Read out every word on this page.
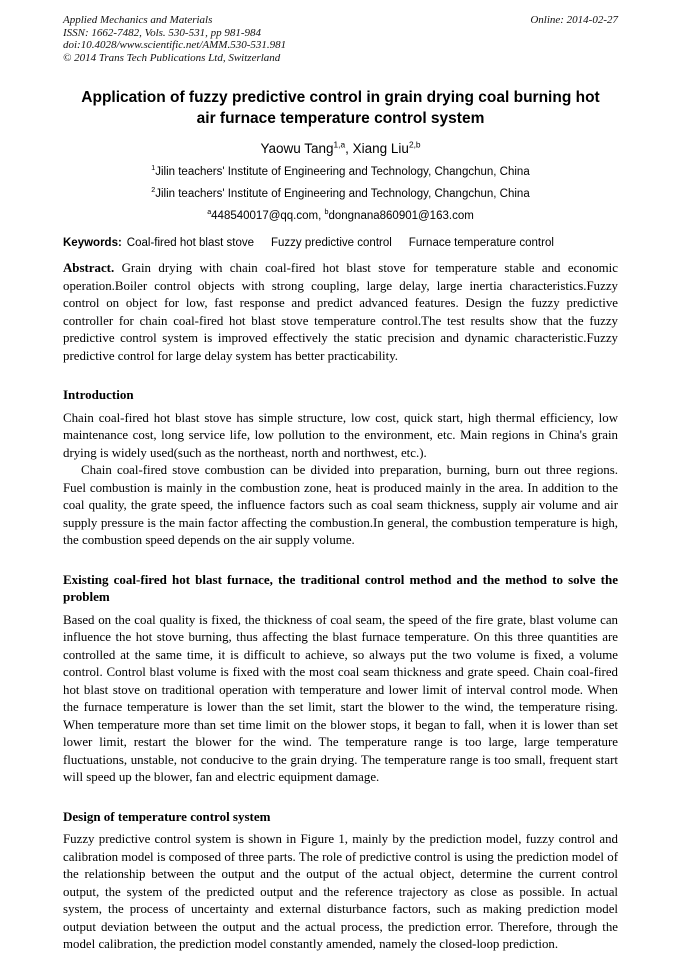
Applied Mechanics and Materials
ISSN: 1662-7482, Vols. 530-531, pp 981-984
doi:10.4028/www.scientific.net/AMM.530-531.981
© 2014 Trans Tech Publications Ltd, Switzerland
Online: 2014-02-27
Application of fuzzy predictive control in grain drying coal burning hot
air furnace temperature control system
Yaowu Tang$^{1,a}$, Xiang Liu$^{2,b}$
$^1$Jilin teachers' Institute of Engineering and Technology, Changchun, China
$^2$Jilin teachers' Institute of Engineering and Technology, Changchun, China
$^a$448540017@qq.com, $^b$dongnana860901@163.com
Keywords: Coal-fired hot blast stove Fuzzy predictive control Furnace temperature control

Abstract. Grain drying with chain coal-fired hot blast stove for temperature stable and economic operation.Boiler control objects with strong coupling, large delay, large inertia characteristics.Fuzzy control on object for low, fast response and predict advanced features. Design the fuzzy predictive controller for chain coal-fired hot blast stove temperature control.The test results show that the fuzzy predictive control system is improved effectively the static precision and dynamic characteristic.Fuzzy predictive control for large delay system has better practicability.

Introduction

Chain coal-fired hot blast stove has simple structure, low cost, quick start, high thermal efficiency, low maintenance cost, long service life, low pollution to the environment, etc. Main regions in China's grain drying is widely used(such as the northeast, north and northwest, etc.).

Chain coal-fired stove combustion can be divided into preparation, burning, burn out three regions. Fuel combustion is mainly in the combustion zone, heat is produced mainly in the area. In addition to the coal quality, the grate speed, the influence factors such as coal seam thickness, supply air volume and air supply pressure is the main factor affecting the combustion.In general, the combustion temperature is high, the combustion speed depends on the air supply volume.

Existing coal-fired hot blast furnace, the traditional control method and the method to solve the problem

Based on the coal quality is fixed, the thickness of coal seam, the speed of the fire grate, blast volume can influence the hot stove burning, thus affecting the blast furnace temperature. On this three quantities are controlled at the same time, it is difficult to achieve, so always put the two volume is fixed, a volume control. Control blast volume is fixed with the most coal seam thickness and grate speed. Chain coal-fired hot blast stove on traditional operation with temperature and lower limit of interval control mode. When the furnace temperature is lower than the set limit, start the blower to the wind, the temperature rising. When temperature more than set time limit on the blower stops, it began to fall, when it is lower than set lower limit, restart the blower for the wind. The temperature range is too large, large temperature fluctuations, unstable, not conducive to the grain drying. The temperature range is too small, frequent start will speed up the blower, fan and electric equipment damage.

Design of temperature control system

Fuzzy predictive control system is shown in Figure 1, mainly by the prediction model, fuzzy control and calibration model is composed of three parts. The role of predictive control is using the prediction model of the relationship between the output and the output of the actual object, determine the current control output, the system of the predicted output and the reference trajectory as close as possible. In actual system, the process of uncertainty and external disturbance factors, such as making prediction model output deviation between the output and the actual process, the prediction error. Therefore, through the model calibration, the prediction model constantly amended, namely the closed-loop prediction.
